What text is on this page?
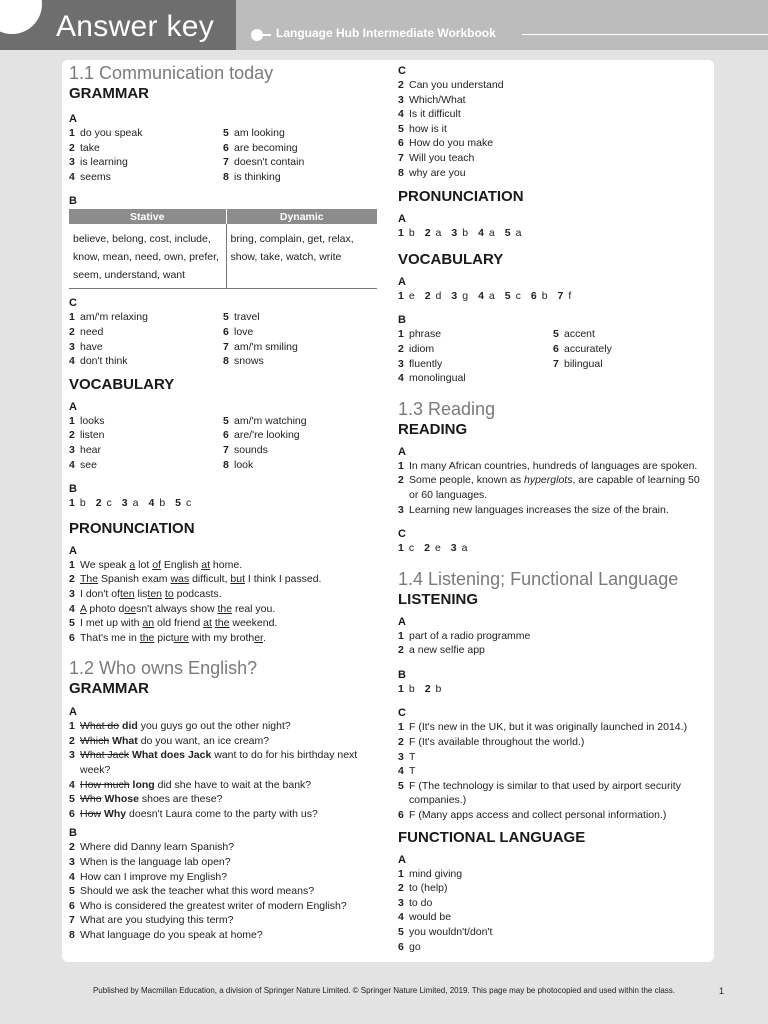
Answer key	Language Hub Intermediate Workbook
1.1 Communication today
GRAMMAR
A
1 do you speak
2 take
3 is learning
4 seems
5 am looking
6 are becoming
7 doesn't contain
8 is thinking
B
Stative	Dynamic
believe, belong, cost, include, know, mean, need, own, prefer, seem, understand, want	bring, complain, get, relax, show, take, watch, write
C
1 am/'m relaxing
2 need
3 have
4 don't think
5 travel
6 love
7 am/'m smiling
8 snows
VOCABULARY
A
1 looks
2 listen
3 hear
4 see
5 am/'m watching
6 are/'re looking
7 sounds
8 look
B
1 b 2 c 3 a 4 b 5 c
PRONUNCIATION
A
1 We speak a lot of English at home.
2 The Spanish exam was difficult, but I think I passed.
3 I don't often listen to podcasts.
4 A photo doesn't always show the real you.
5 I met up with an old friend at the weekend.
6 That's me in the picture with my brother.
1.2 Who owns English?
GRAMMAR
A
1 What do did you guys go out the other night?
2 Which What do you want, an ice cream?
3 What Jack What does Jack want to do for his birthday next week?
4 How much long did she have to wait at the bank?
5 Who Whose shoes are these?
6 How Why doesn't Laura come to the party with us?
B
2 Where did Danny learn Spanish?
3 When is the language lab open?
4 How can I improve my English?
5 Should we ask the teacher what this word means?
6 Who is considered the greatest writer of modern English?
7 What are you studying this term?
8 What language do you speak at home?
C
2 Can you understand
3 Which/What
4 Is it difficult
5 how is it
6 How do you make
7 Will you teach
8 why are you
PRONUNCIATION
A
1 b 2 a 3 b 4 a 5 a
VOCABULARY
A
1 e 2 d 3 g 4 a 5 c 6 b 7 f
B
1 phrase
2 idiom
3 fluently
4 monolingual
5 accent
6 accurately
7 bilingual
1.3 Reading
READING
A
1 In many African countries, hundreds of languages are spoken.
2 Some people, known as hyperglots, are capable of learning 50 or 60 languages.
3 Learning new languages increases the size of the brain.
C
1 c 2 e 3 a
1.4 Listening; Functional Language
LISTENING
A
1 part of a radio programme
2 a new selfie app
B
1 b 2 b
C
1 F (It's new in the UK, but it was originally launched in 2014.)
2 F (It's available throughout the world.)
3 T
4 T
5 F (The technology is similar to that used by airport security companies.)
6 F (Many apps access and collect personal information.)
FUNCTIONAL LANGUAGE
A
1 mind giving
2 to (help)
3 to do
4 would be
5 you wouldn't/don't
6 go
Published by Macmillan Education, a division of Springer Nature Limited. © Springer Nature Limited, 2019. This page may be photocopied and used within the class.	1
